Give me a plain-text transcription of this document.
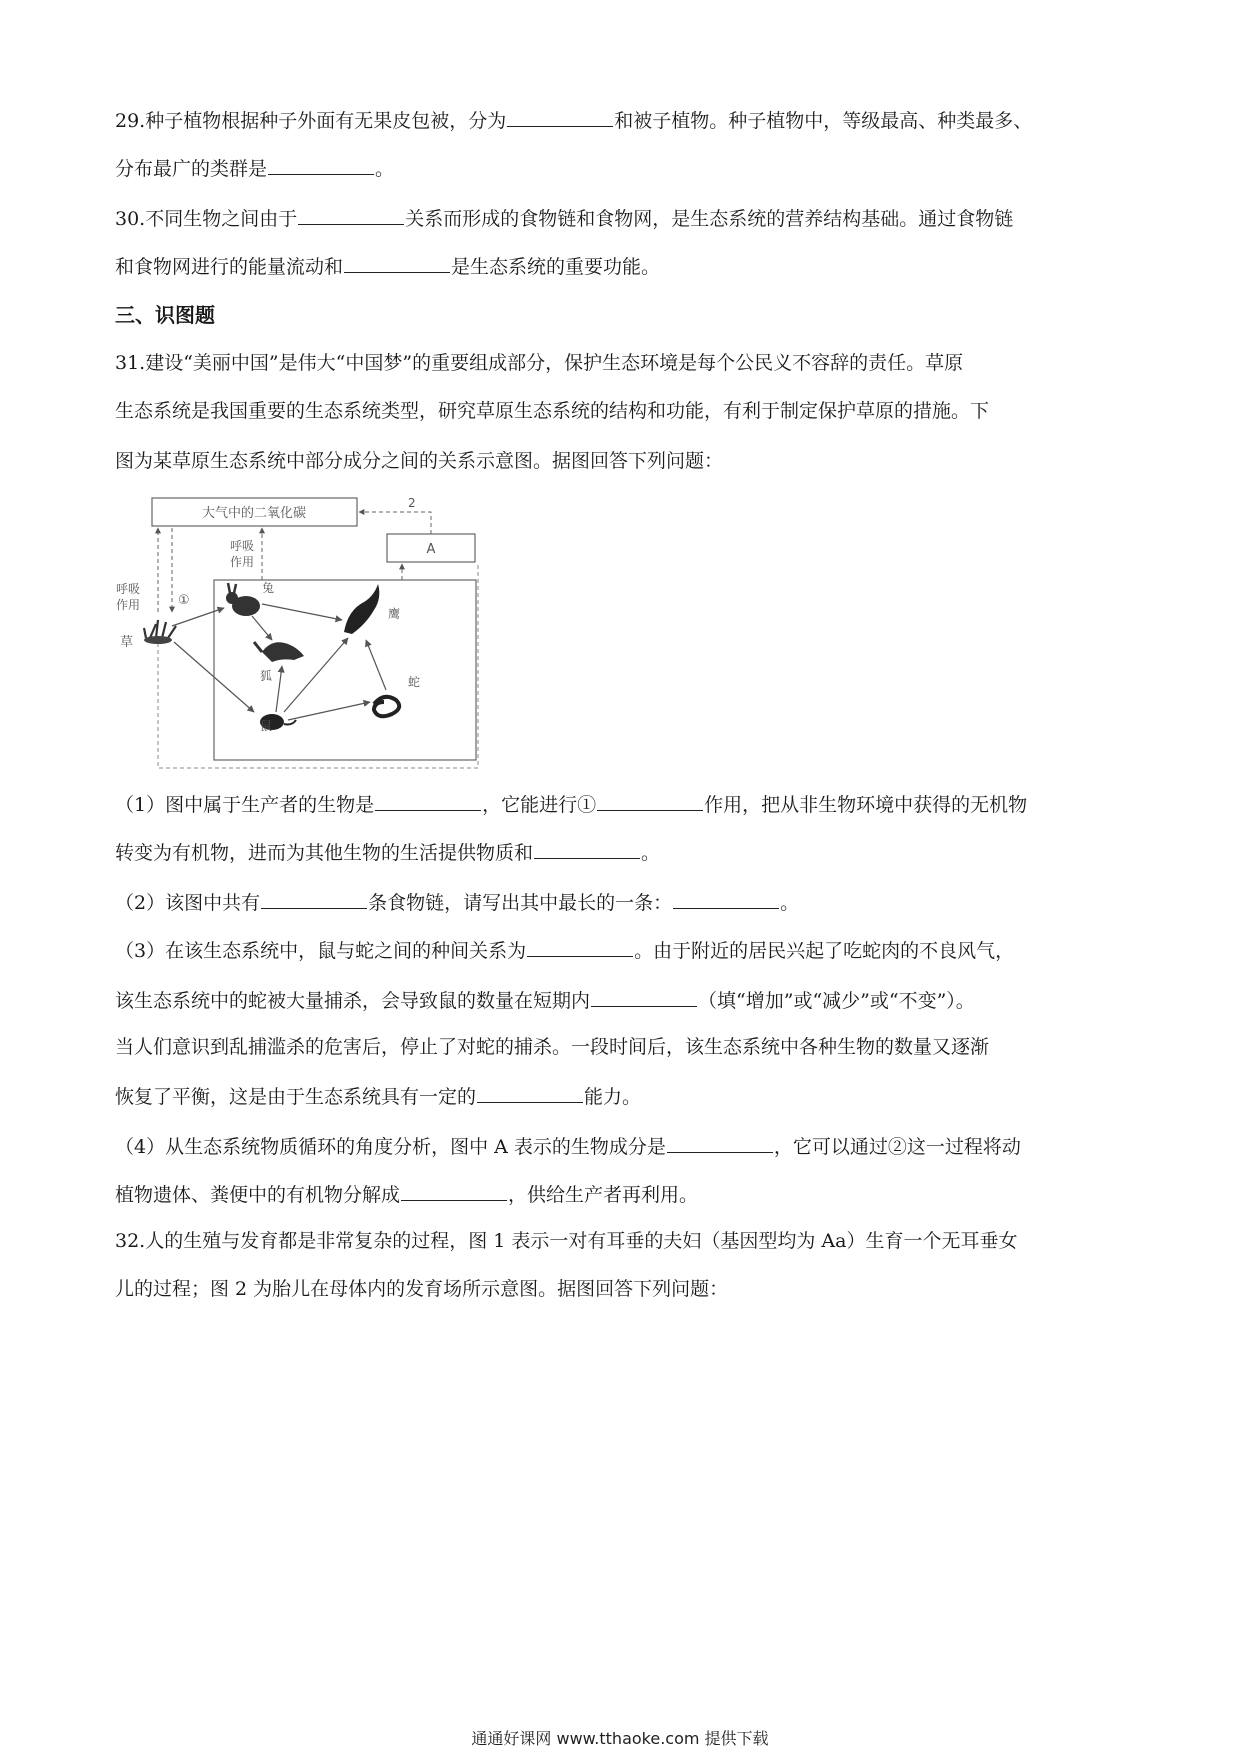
29.种子植物根据种子外面有无果皮包被，分为	和被子植物。种子植物中，等级最高、种类最多、
分布最广的类群是	。
30.不同生物之间由于	关系而形成的食物链和食物网，是生态系统的营养结构基础。通过食物链
和食物网进行的能量流动和	是生态系统的重要功能。
三、识图题
31.建设“美丽中国”是伟大“中国梦”的重要组成部分，保护生态环境是每个公民义不容辞的责任。草原
生态系统是我国重要的生态系统类型，研究草原生态系统的结构和功能，有利于制定保护草原的措施。下
图为某草原生态系统中部分成分之间的关系示意图。据图回答下列问题：
大气中的二氧化碳
A
2
呼吸
作用	①
呼吸
作用
草
兔
狐
鹰
蛇
鼠
（1）图中属于生产者的生物是	，它能进行①	作用，把从非生物环境中获得的无机物
转变为有机物，进而为其他生物的生活提供物质和	。
（2）该图中共有	条食物链，请写出其中最长的一条：	。
（3）在该生态系统中，鼠与蛇之间的种间关系为	。由于附近的居民兴起了吃蛇肉的不良风气，
该生态系统中的蛇被大量捕杀，会导致鼠的数量在短期内	（填“增加”或“减少”或“不变”）。
当人们意识到乱捕滥杀的危害后，停止了对蛇的捕杀。一段时间后，该生态系统中各种生物的数量又逐渐
恢复了平衡，这是由于生态系统具有一定的	能力。
（4）从生态系统物质循环的角度分析，图中 A 表示的生物成分是	，它可以通过②这一过程将动
植物遗体、粪便中的有机物分解成	，供给生产者再利用。
32.人的生殖与发育都是非常复杂的过程，图 1 表示一对有耳垂的夫妇（基因型均为 Aa）生育一个无耳垂女
儿的过程；图 2 为胎儿在母体内的发育场所示意图。据图回答下列问题：
通通好课网 www.tthaoke.com 提供下载
